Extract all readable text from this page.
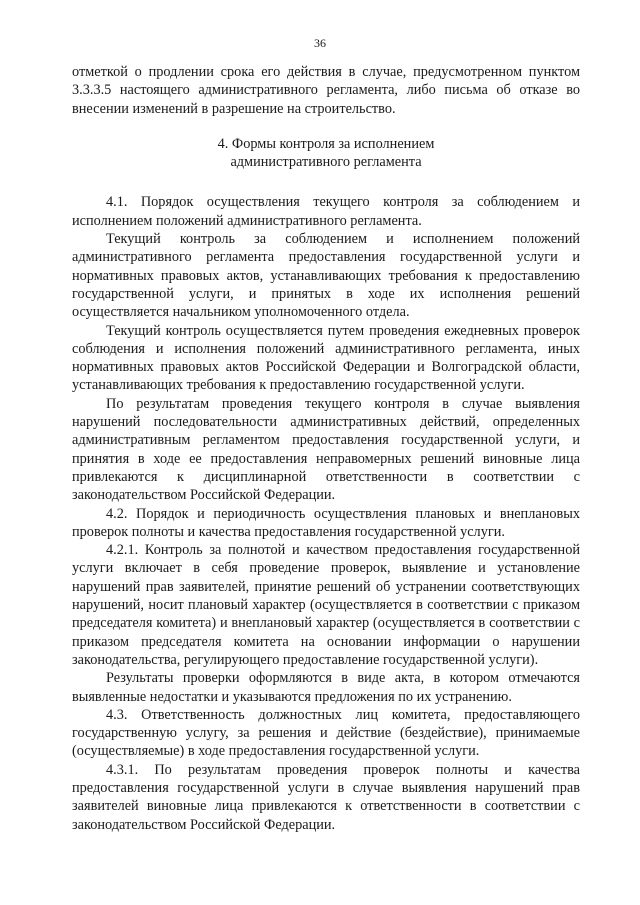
36

отметкой о продлении срока его действия в случае, предусмотренном пунктом 3.3.3.5 настоящего административного регламента, либо письма об отказе во внесении изменений в разрешение на строительство.

4. Формы контроля за исполнением
административного регламента

4.1. Порядок осуществления текущего контроля за соблюдением и исполнением положений административного регламента.

Текущий контроль за соблюдением и исполнением положений административного регламента предоставления государственной услуги и нормативных правовых актов, устанавливающих требования к предоставлению государственной услуги, и принятых в ходе их исполнения решений осуществляется начальником уполномоченного отдела.

Текущий контроль осуществляется путем проведения ежедневных проверок соблюдения и исполнения положений административного регламента, иных нормативных правовых актов Российской Федерации и Волгоградской области, устанавливающих требования к предоставлению государственной услуги.

По результатам проведения текущего контроля в случае выявления нарушений последовательности административных действий, определенных административным регламентом предоставления государственной услуги, и принятия в ходе ее предоставления неправомерных решений виновные лица привлекаются к дисциплинарной ответственности в соответствии с законодательством Российской Федерации.

4.2. Порядок и периодичность осуществления плановых и внеплановых проверок полноты и качества предоставления государственной услуги.

4.2.1. Контроль за полнотой и качеством предоставления государственной услуги включает в себя проведение проверок, выявление и установление нарушений прав заявителей, принятие решений об устранении соответствующих нарушений, носит плановый характер (осуществляется в соответствии с приказом председателя комитета) и внеплановый характер (осуществляется в соответствии с приказом председателя комитета на основании информации о нарушении законодательства, регулирующего предоставление государственной услуги).

Результаты проверки оформляются в виде акта, в котором отмечаются выявленные недостатки и указываются предложения по их устранению.

4.3. Ответственность должностных лиц комитета, предоставляющего государственную услугу, за решения и действие (бездействие), принимаемые (осуществляемые) в ходе предоставления государственной услуги.

4.3.1. По результатам проведения проверок полноты и качества предоставления государственной услуги в случае выявления нарушений прав заявителей виновные лица привлекаются к ответственности в соответствии с законодательством Российской Федерации.
